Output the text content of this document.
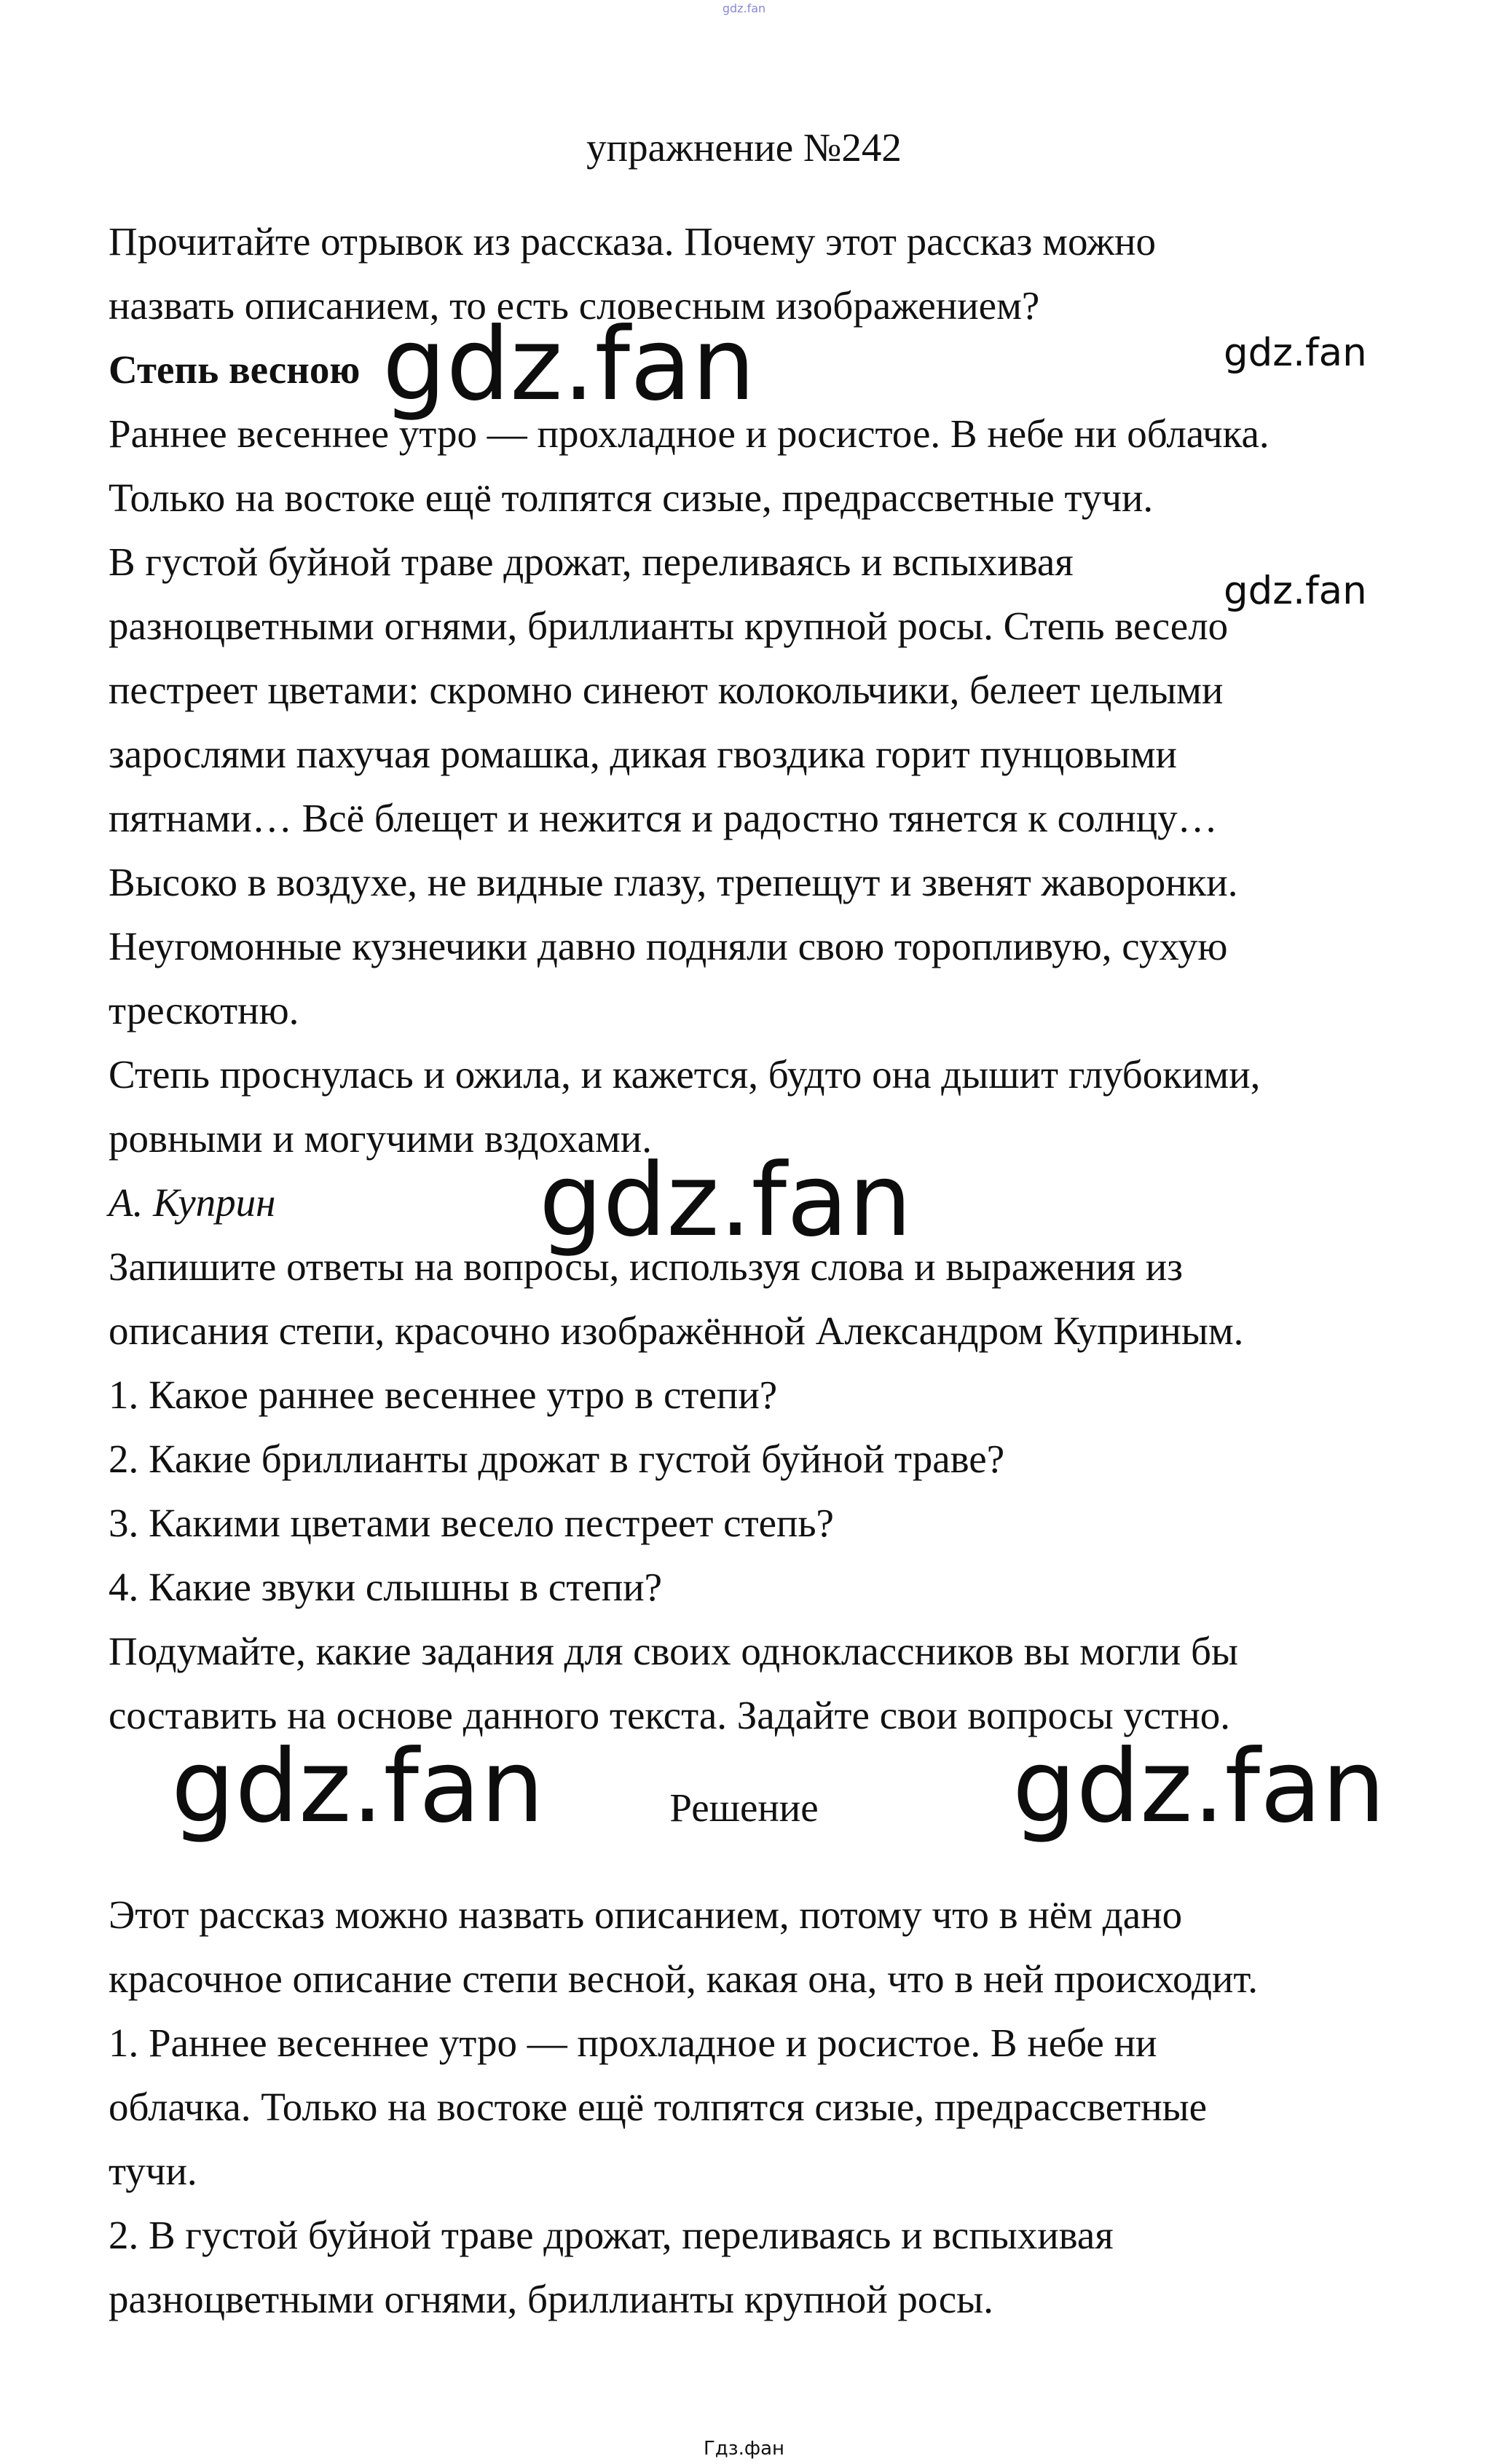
gdz.fan
упражнение №242

Прочитайте отрывок из рассказа. Почему этот рассказ можно

назвать описанием, то есть словесным изображением?

Степь весною

Раннее весеннее утро — прохладное и росистое. В небе ни облачка.

Только на востоке ещё толпятся сизые, предрассветные тучи.

В густой буйной траве дрожат, переливаясь и вспыхивая

разноцветными огнями, бриллианты крупной росы. Степь весело

пестреет цветами: скромно синеют колокольчики, белеет целыми

зарослями пахучая ромашка, дикая гвоздика горит пунцовыми

пятнами… Всё блещет и нежится и радостно тянется к солнцу…

Высоко в воздухе, не видные глазу, трепещут и звенят жаворонки.

Неугомонные кузнечики давно подняли свою торопливую, сухую

трескотню.

Степь проснулась и ожила, и кажется, будто она дышит глубокими,

ровными и могучими вздохами.

А. Куприн

Запишите ответы на вопросы, используя слова и выражения из

описания степи, красочно изображённой Александром Куприным.

1. Какое раннее весеннее утро в степи?

2. Какие бриллианты дрожат в густой буйной траве?

3. Какими цветами весело пестреет степь?

4. Какие звуки слышны в степи?

Подумайте, какие задания для своих одноклассников вы могли бы

составить на основе данного текста. Задайте свои вопросы устно.

Решение

Этот рассказ можно назвать описанием, потому что в нём дано

красочное описание степи весной, какая она, что в ней происходит.

1. Раннее весеннее утро — прохладное и росистое. В небе ни

облачка. Только на востоке ещё толпятся сизые, предрассветные

тучи.

2. В густой буйной траве дрожат, переливаясь и вспыхивая

разноцветными огнями, бриллианты крупной росы.

gdz.fan	gdz.fan
gdz.fan
gdz.fan
gdz.fan	gdz.fan
Гдз.фан
